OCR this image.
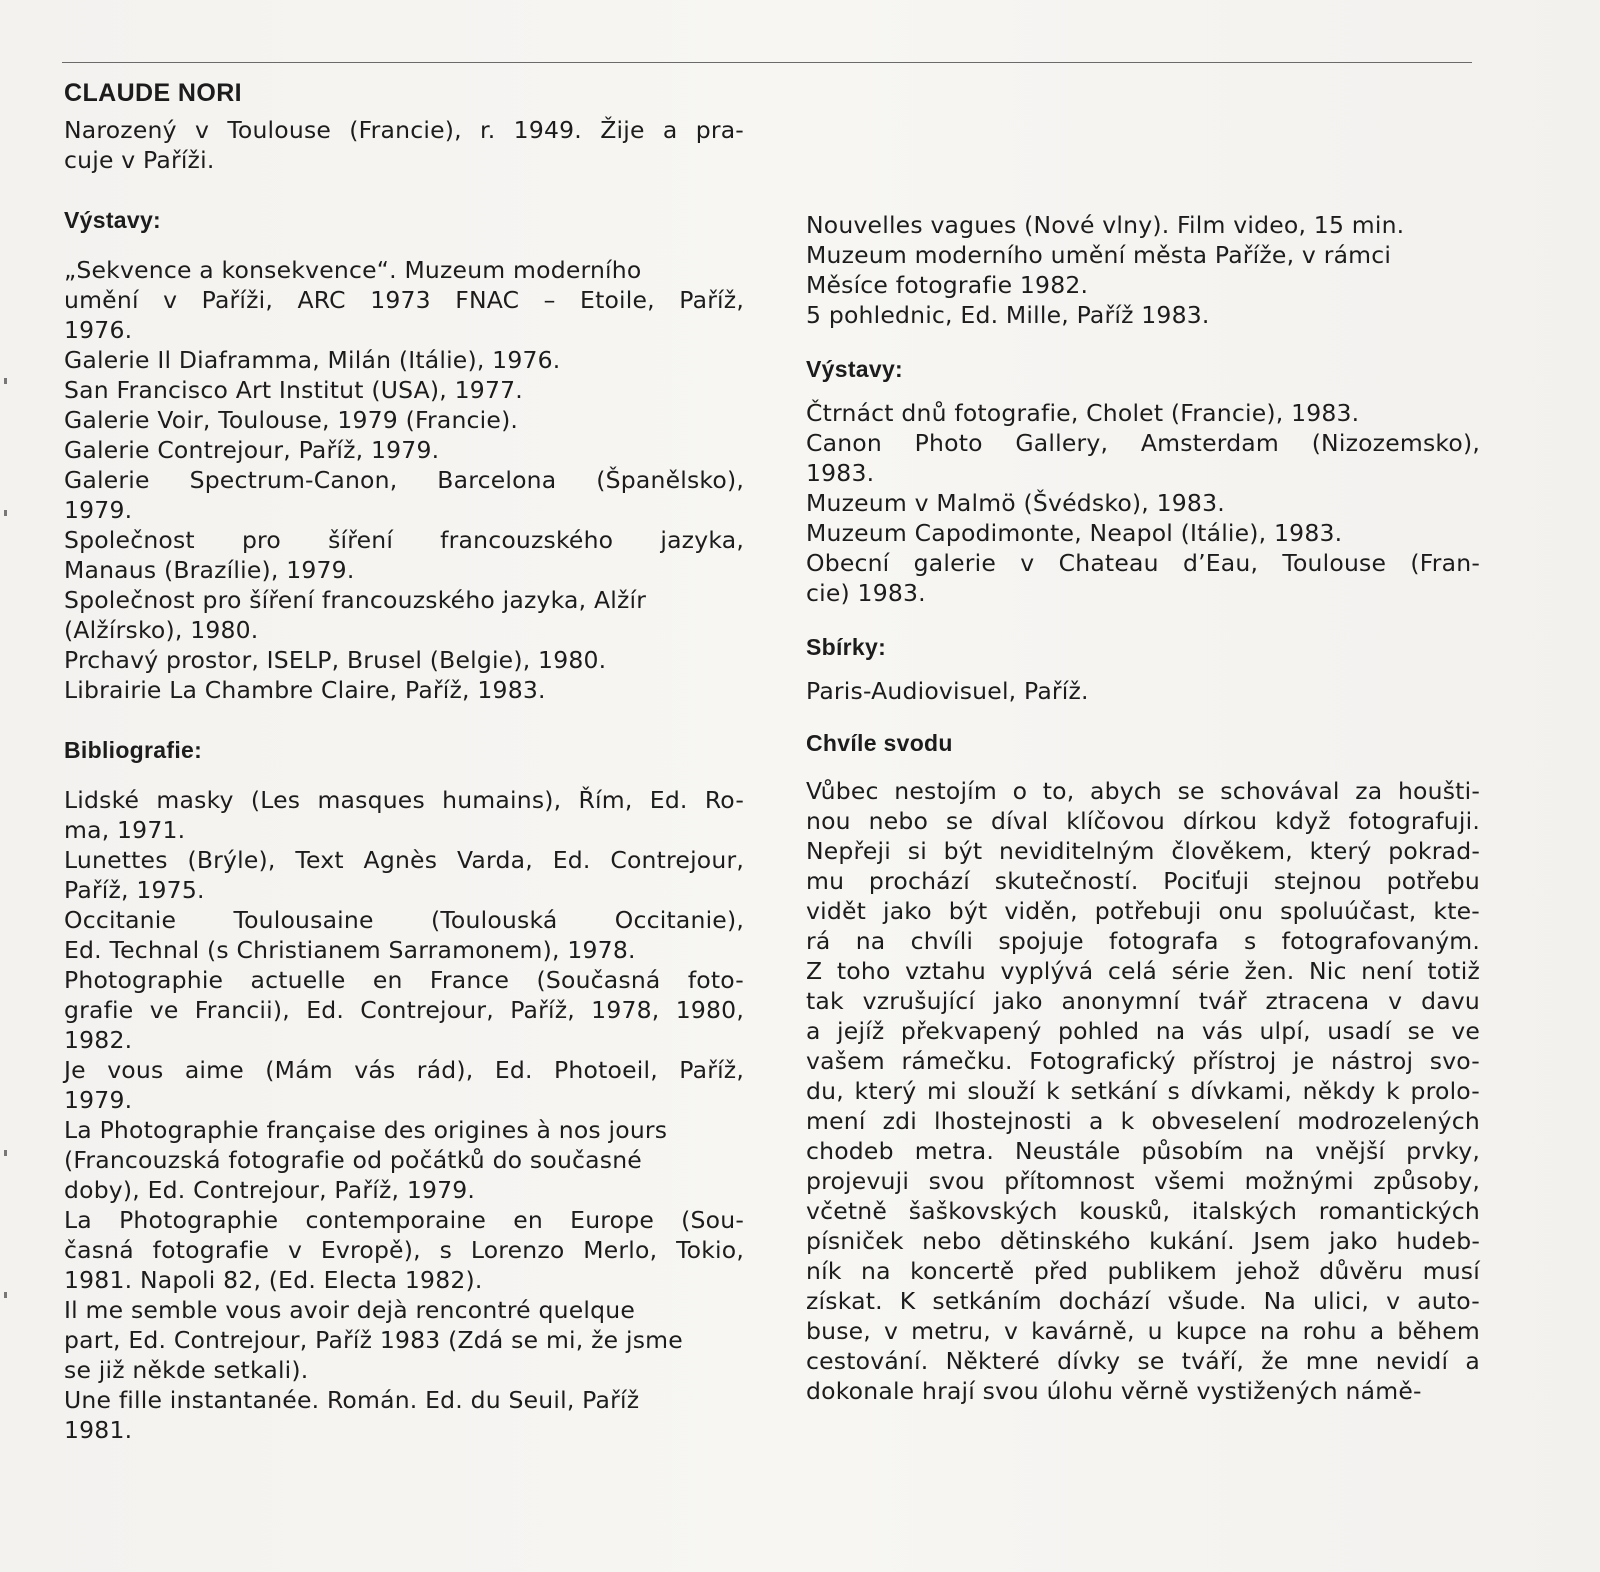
CLAUDE NORI
Narozený v Toulouse (Francie), r. 1949. Žije a pra-
cuje v Paříži.
Výstavy:
„Sekvence a konsekvence“. Muzeum moderního
umění v Paříži, ARC 1973 FNAC – Etoile, Paříž,
1976.
Galerie Il Diaframma, Milán (Itálie), 1976.
San Francisco Art Institut (USA), 1977.
Galerie Voir, Toulouse, 1979 (Francie).
Galerie Contrejour, Paříž, 1979.
Galerie Spectrum-Canon, Barcelona (Španělsko),
1979.
Společnost pro šíření francouzského jazyka,
Manaus (Brazílie), 1979.
Společnost pro šíření francouzského jazyka, Alžír
(Alžírsko), 1980.
Prchavý prostor, ISELP, Brusel (Belgie), 1980.
Librairie La Chambre Claire, Paříž, 1983.
Bibliografie:
Lidské masky (Les masques humains), Řím, Ed. Ro-
ma, 1971.
Lunettes (Brýle), Text Agnès Varda, Ed. Contrejour,
Paříž, 1975.
Occitanie Toulousaine (Toulouská Occitanie),
Ed. Technal (s Christianem Sarramonem), 1978.
Photographie actuelle en France (Současná foto-
grafie ve Francii), Ed. Contrejour, Paříž, 1978, 1980,
1982.
Je vous aime (Mám vás rád), Ed. Photoeil, Paříž,
1979.
La Photographie française des origines à nos jours
(Francouzská fotografie od počátků do současné
doby), Ed. Contrejour, Paříž, 1979.
La Photographie contemporaine en Europe (Sou-
časná fotografie v Evropě), s Lorenzo Merlo, Tokio,
1981. Napoli 82, (Ed. Electa 1982).
Il me semble vous avoir dejà rencontré quelque
part, Ed. Contrejour, Paříž 1983 (Zdá se mi, že jsme
se již někde setkali).
Une fille instantanée. Román. Ed. du Seuil, Paříž
1981.
Nouvelles vagues (Nové vlny). Film video, 15 min.
Muzeum moderního umění města Paříže, v rámci
Měsíce fotografie 1982.
5 pohlednic, Ed. Mille, Paříž 1983.
Výstavy:
Čtrnáct dnů fotografie, Cholet (Francie), 1983.
Canon Photo Gallery, Amsterdam (Nizozemsko),
1983.
Muzeum v Malmö (Švédsko), 1983.
Muzeum Capodimonte, Neapol (Itálie), 1983.
Obecní galerie v Chateau d’Eau, Toulouse (Fran-
cie) 1983.
Sbírky:
Paris-Audiovisuel, Paříž.
Chvíle svodu
Vůbec nestojím o to, abych se schovával za houšti-
nou nebo se díval klíčovou dírkou když fotografuji.
Nepřeji si být neviditelným člověkem, který pokrad-
mu prochází skutečností. Pociťuji stejnou potřebu
vidět jako být viděn, potřebuji onu spoluúčast, kte-
rá na chvíli spojuje fotografa s fotografovaným.
Z toho vztahu vyplývá celá série žen. Nic není totiž
tak vzrušující jako anonymní tvář ztracena v davu
a jejíž překvapený pohled na vás ulpí, usadí se ve
vašem rámečku. Fotografický přístroj je nástroj svo-
du, který mi slouží k setkání s dívkami, někdy k prolo-
mení zdi lhostejnosti a k obveselení modrozelených
chodeb metra. Neustále působím na vnější prvky,
projevuji svou přítomnost všemi možnými způsoby,
včetně šaškovských kousků, italských romantických
písniček nebo dětinského kukání. Jsem jako hudeb-
ník na koncertě před publikem jehož důvěru musí
získat. K setkáním dochází všude. Na ulici, v auto-
buse, v metru, v kavárně, u kupce na rohu a během
cestování. Některé dívky se tváří, že mne nevidí a
dokonale hrají svou úlohu věrně vystižených námě-
